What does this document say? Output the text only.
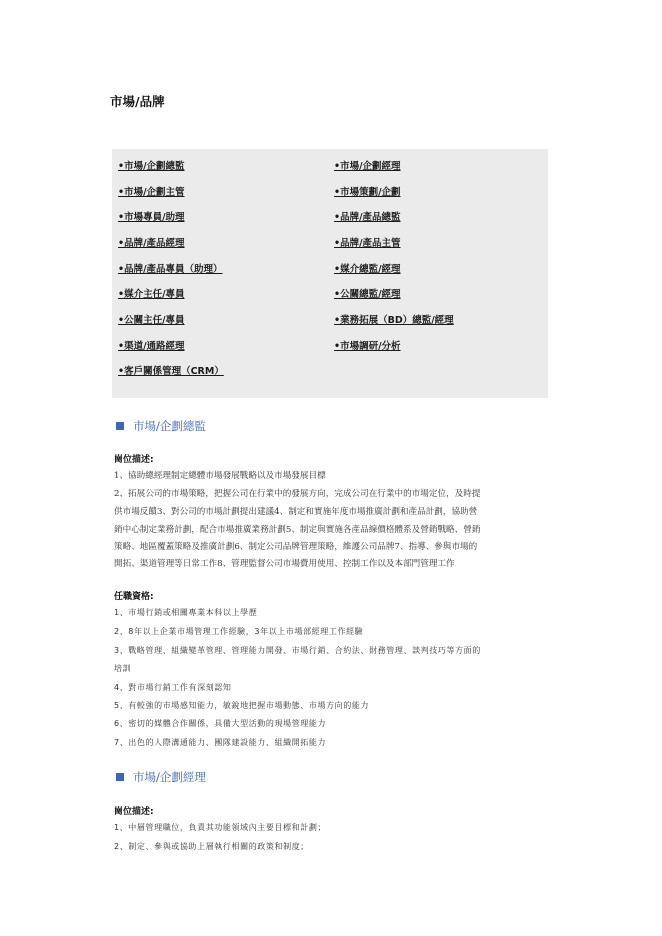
市場/品牌
•市場/企劃總監	•市場/企劃經理
•市場/企劃主管	•市場策劃/企劃
•市場專員/助理	•品牌/產品總監
•品牌/產品經理	•品牌/產品主管
•品牌/產品專員（助理）	•媒介總監/經理
•媒介主任/專員	•公關總監/經理
•公關主任/專員	•業務拓展（BD）總監/經理
•渠道/通路經理	•市場調研/分析
•客戶關係管理（CRM）
市場/企劃總監
崗位描述:
1、協助總經理制定總體市場發展戰略以及市場發展目標
2、拓展公司的市場策略，把握公司在行業中的發展方向，完成公司在行業中的市場定位，及時提
供市場反饋3、對公司的市場計劃提出建議4、制定和實施年度市場推廣計劃和產品計劃，協助營
銷中心制定業務計劃，配合市場推廣業務計劃5、制定與實施各產品線價格體系及營銷戰略、營銷
策略、地區覆蓋策略及推廣計劃6、制定公司品牌管理策略，維護公司品牌7、指導、參與市場的
開拓、渠道管理等日常工作8、管理監督公司市場費用使用、控制工作以及本部門管理工作
任職資格:
1、市場行銷或相關專業本科以上學歷
2、8年以上企業市場管理工作經驗，3年以上市場部經理工作經驗
3、戰略管理、組織變革管理、管理能力開發、市場行銷、合約法、財務管理、談判技巧等方面的
培訓
4、對市場行銷工作有深刻認知
5、有較強的市場感知能力，敏銳地把握市場動態、市場方向的能力
6、密切的媒體合作關係，具備大型活動的現場管理能力
7、出色的人際溝通能力、團隊建設能力、組織開拓能力
市場/企劃經理
崗位描述:
1、中層管理職位，負責其功能領域內主要目標和計劃；
2、制定、參與或協助上層執行相關的政策和制度；
